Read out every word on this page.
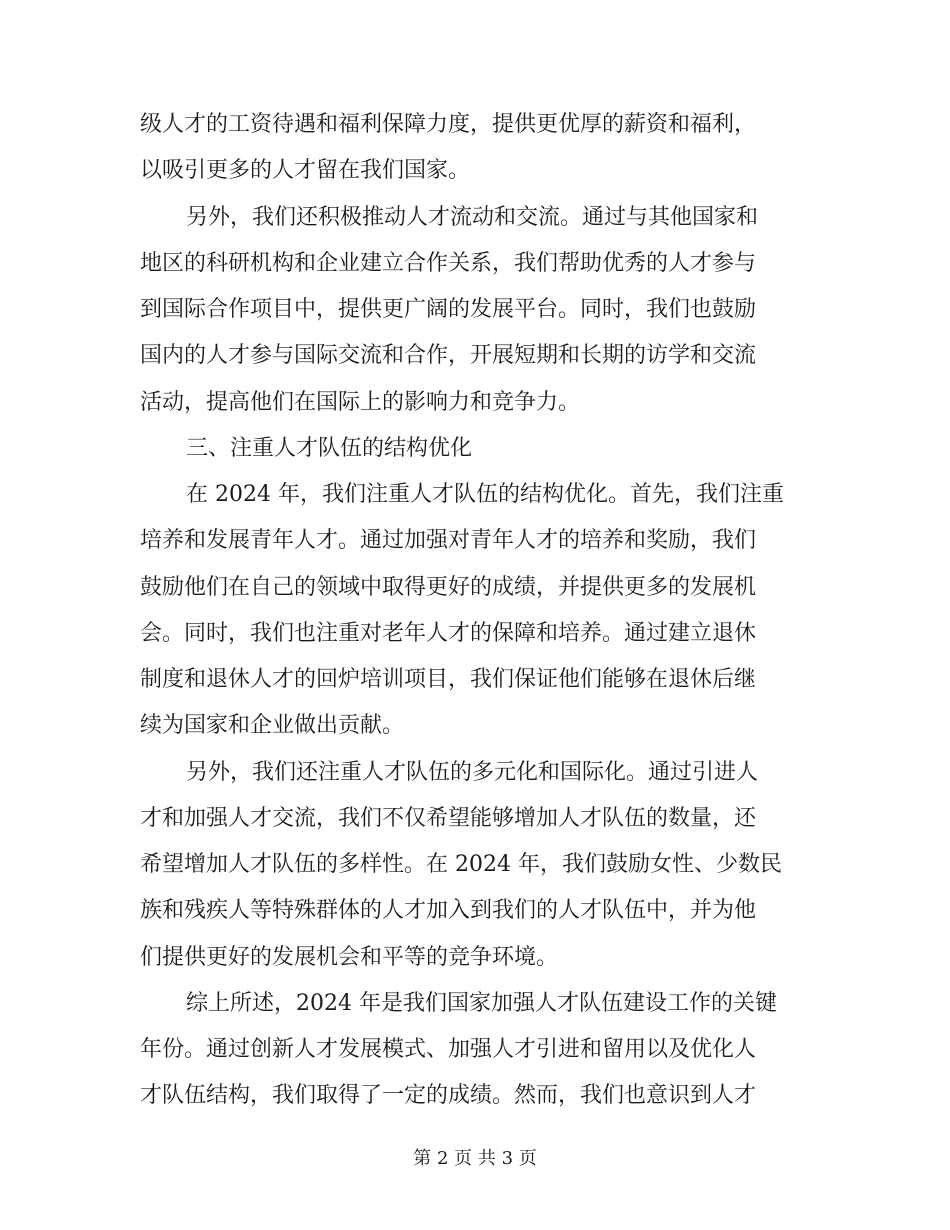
级人才的工资待遇和福利保障力度，提供更优厚的薪资和福利，
以吸引更多的人才留在我们国家。
另外，我们还积极推动人才流动和交流。通过与其他国家和
地区的科研机构和企业建立合作关系，我们帮助优秀的人才参与
到国际合作项目中，提供更广阔的发展平台。同时，我们也鼓励
国内的人才参与国际交流和合作，开展短期和长期的访学和交流
活动，提高他们在国际上的影响力和竞争力。
三、注重人才队伍的结构优化
在 2024 年，我们注重人才队伍的结构优化。首先，我们注重
培养和发展青年人才。通过加强对青年人才的培养和奖励，我们
鼓励他们在自己的领域中取得更好的成绩，并提供更多的发展机
会。同时，我们也注重对老年人才的保障和培养。通过建立退休
制度和退休人才的回炉培训项目，我们保证他们能够在退休后继
续为国家和企业做出贡献。
另外，我们还注重人才队伍的多元化和国际化。通过引进人
才和加强人才交流，我们不仅希望能够增加人才队伍的数量，还
希望增加人才队伍的多样性。在 2024 年，我们鼓励女性、少数民
族和残疾人等特殊群体的人才加入到我们的人才队伍中，并为他
们提供更好的发展机会和平等的竞争环境。
综上所述，2024 年是我们国家加强人才队伍建设工作的关键
年份。通过创新人才发展模式、加强人才引进和留用以及优化人
才队伍结构，我们取得了一定的成绩。然而，我们也意识到人才
第 2 页 共 3 页
